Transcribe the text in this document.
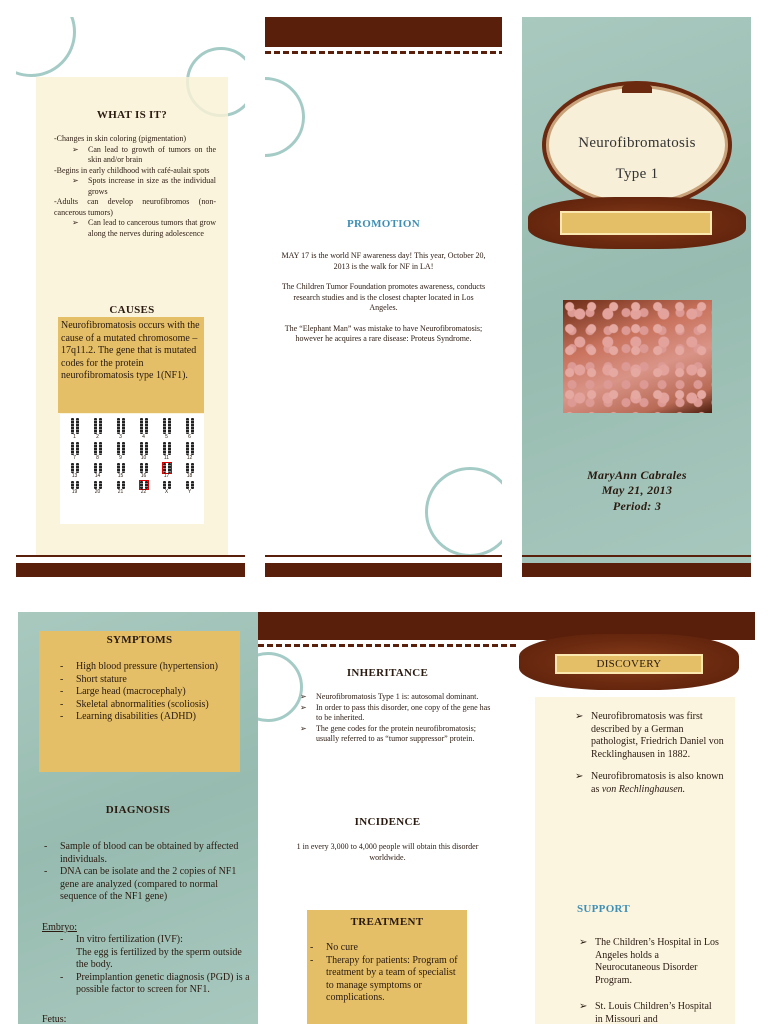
WHAT IS IT?
-Changes in skin coloring (pigmentation)
Can lead to growth of tumors on the skin and/or brain
➢
-Begins in early childhood with café-aulait spots
Spots increase in size as the individual grows
➢
-Adults can develop neurofibromos (non-cancerous tumors)
Can lead to cancerous tumors that grow along the nerves during adolescence
➢
CAUSES
Neurofibromatosis occurs with the cause of a mutated chromosome – 17q11.2. The gene that is mutated codes for the protein neurofibromatosis type 1(NF1).
1	2	3	4	5	6
7	8	9	10	11	12
13	14	15	16	17	18
19	20	21	22	X	Y
PROMOTION

MAY 17 is the world NF awareness day! This year, October 20, 2013 is the walk for NF in LA!

The Children Tumor Foundation promotes awareness, conducts research studies and is the closest chapter located in Los Angeles.

The “Elephant Man” was mistake to have Neurofibromatosis; however he acquires a rare disease: Proteus Syndrome.

Neurofibromatosis
Type 1
MaryAnn Cabrales
May 21, 2013
Period: 3
SYMPTOMS
- High blood pressure (hypertension)
- Short stature
- Large head (macrocephaly)
- Skeletal abnormalities (scoliosis)
- Learning disabilities (ADHD)
DIAGNOSIS
- Sample of blood can be obtained by affected individuals.
- DNA can be isolate and the 2 copies of NF1 gene are analyzed (compared to normal sequence of the NF1 gene)
Embryo:
- In vitro fertilization (IVF):
The egg is fertilized by the sperm outside the body.
- Preimplantion genetic diagnosis (PGD) is a possible factor to screen for NF1.
Fetus:
INHERITANCE
➢ Neurofibromatosis Type 1 is: autosomal dominant.
➢ In order to pass this disorder, one copy of the gene has to be inherited.
➢ The gene codes for the protein neurofibromatosis; usually referred to as “tumor suppressor” protein.
INCIDENCE
1 in every 3,000 to 4,000 people will obtain this disorder worldwide.
TREATMENT
- No cure
- Therapy for patients: Program of treatment by a team of specialist to manage symptoms or complications.
DISCOVERY
➢ Neurofibromatosis was first described by a German pathologist, Friedrich Daniel von Recklinghausen in 1882.
➢ Neurofibromatosis is also known as von Rechlinghausen.
SUPPORT
➢ The Children’s Hospital in Los Angeles holds a Neurocutaneous Disorder Program.
➢ St. Louis Children’s Hospital in Missouri and
